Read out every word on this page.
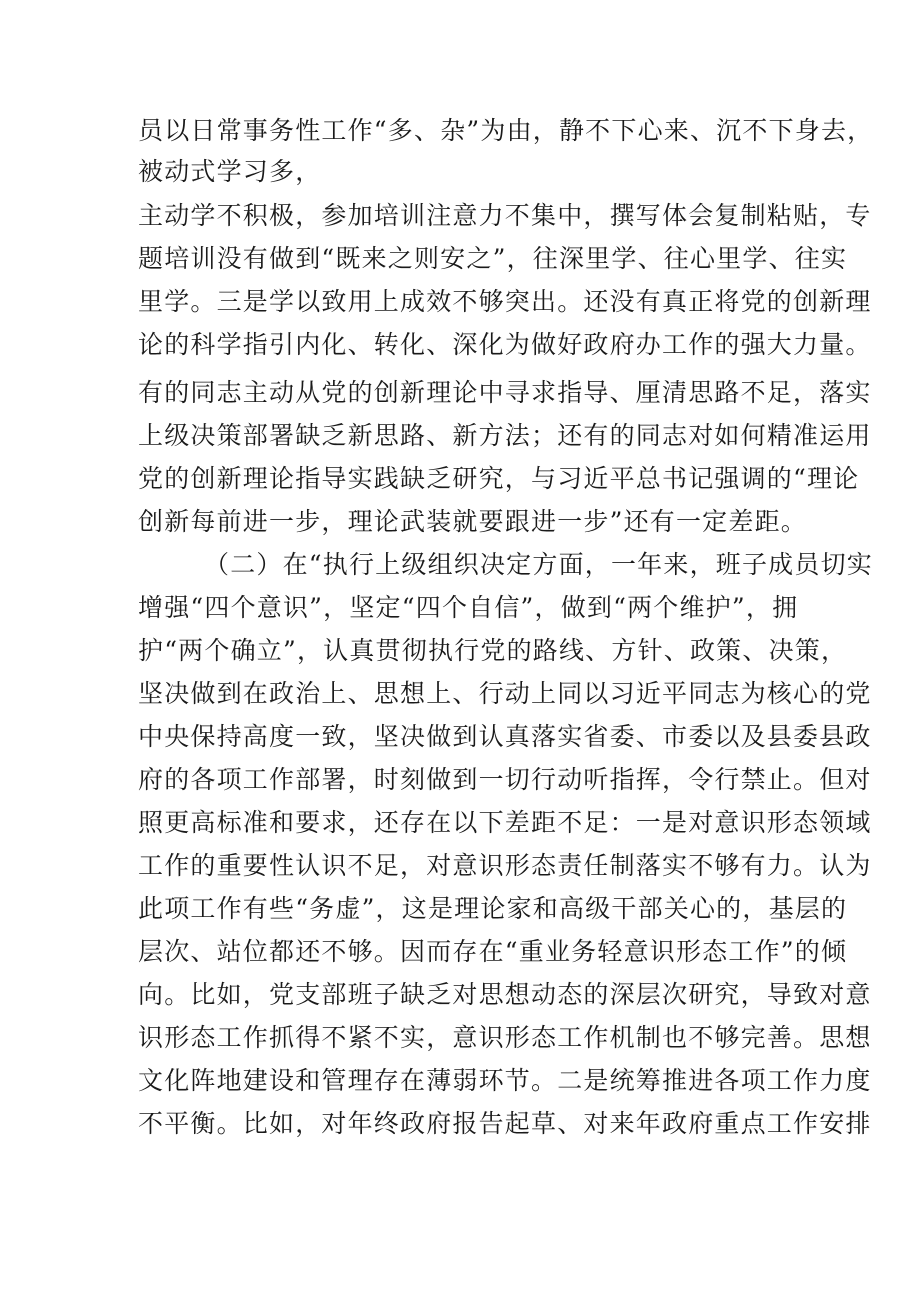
员以日常事务性工作“多、杂”为由，静不下心来、沉不下身去，
被动式学习多，
主动学不积极，参加培训注意力不集中，撰写体会复制粘贴，专
题培训没有做到“既来之则安之”，往深里学、往心里学、往实
里学。三是学以致用上成效不够突出。还没有真正将党的创新理
论的科学指引内化、转化、深化为做好政府办工作的强大力量。
有的同志主动从党的创新理论中寻求指导、厘清思路不足，落实
上级决策部署缺乏新思路、新方法；还有的同志对如何精准运用
党的创新理论指导实践缺乏研究，与习近平总书记强调的“理论
创新每前进一步，理论武装就要跟进一步”还有一定差距。
（二）在“执行上级组织决定方面，一年来，班子成员切实
增强“四个意识”，坚定“四个自信”，做到“两个维护”，拥
护“两个确立”，认真贯彻执行党的路线、方针、政策、决策，
坚决做到在政治上、思想上、行动上同以习近平同志为核心的党
中央保持高度一致，坚决做到认真落实省委、市委以及县委县政
府的各项工作部署，时刻做到一切行动听指挥，令行禁止。但对
照更高标准和要求，还存在以下差距不足：一是对意识形态领域
工作的重要性认识不足，对意识形态责任制落实不够有力。认为
此项工作有些“务虚”，这是理论家和高级干部关心的，基层的
层次、站位都还不够。因而存在“重业务轻意识形态工作”的倾
向。比如，党支部班子缺乏对思想动态的深层次研究，导致对意
识形态工作抓得不紧不实，意识形态工作机制也不够完善。思想
文化阵地建设和管理存在薄弱环节。二是统筹推进各项工作力度
不平衡。比如，对年终政府报告起草、对来年政府重点工作安排
